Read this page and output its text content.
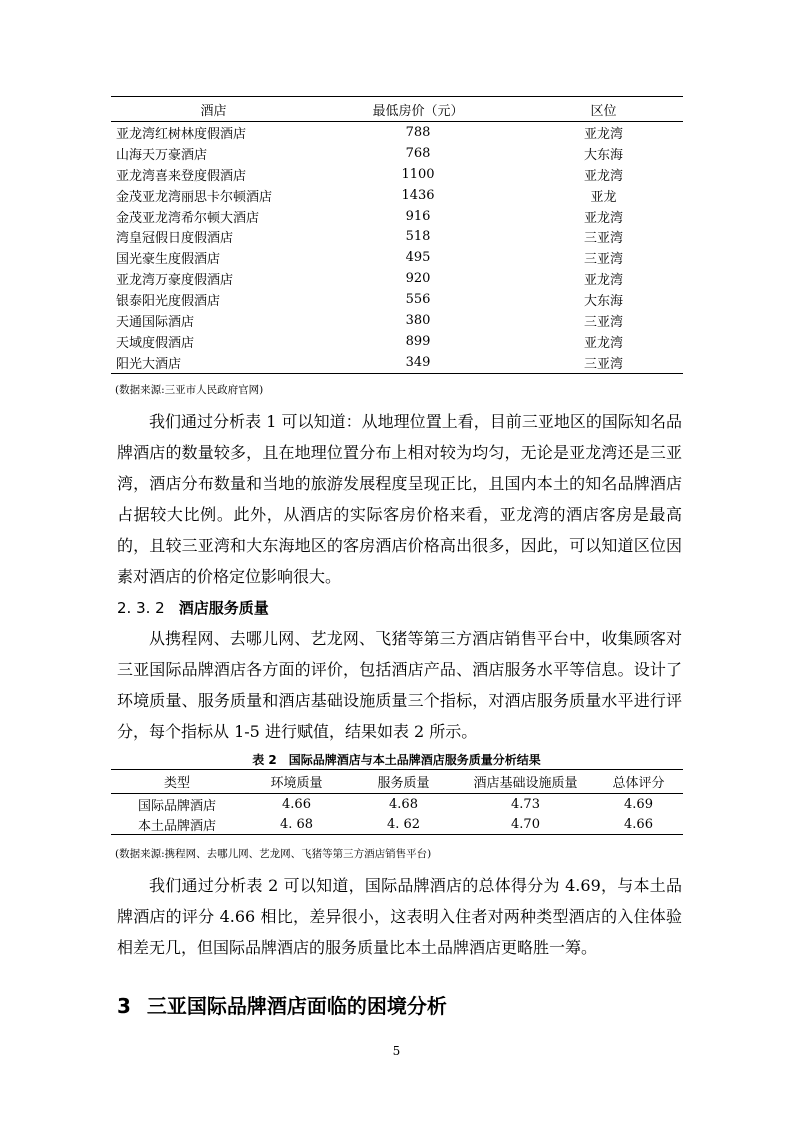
酒店	最低房价（元）	区位
亚龙湾红树林度假酒店	788	亚龙湾
山海天万豪酒店	768	大东海
亚龙湾喜来登度假酒店	1100	亚龙湾
金茂亚龙湾丽思卡尔顿酒店	1436	亚龙
金茂亚龙湾希尔顿大酒店	916	亚龙湾
湾皇冠假日度假酒店	518	三亚湾
国光豪生度假酒店	495	三亚湾
亚龙湾万豪度假酒店	920	亚龙湾
银泰阳光度假酒店	556	大东海
天通国际酒店	380	三亚湾
天域度假酒店	899	亚龙湾
阳光大酒店	349	三亚湾
(数据来源:三亚市人民政府官网)

我们通过分析表 1 可以知道：从地理位置上看，目前三亚地区的国际知名品牌酒店的数量较多，且在地理位置分布上相对较为均匀，无论是亚龙湾还是三亚湾，酒店分布数量和当地的旅游发展程度呈现正比，且国内本土的知名品牌酒店占据较大比例。此外，从酒店的实际客房价格来看，亚龙湾的酒店客房是最高的，且较三亚湾和大东海地区的客房酒店价格高出很多，因此，可以知道区位因素对酒店的价格定位影响很大。

2. 3. 2 酒店服务质量

从携程网、去哪儿网、艺龙网、飞猪等第三方酒店销售平台中，收集顾客对三亚国际品牌酒店各方面的评价，包括酒店产品、酒店服务水平等信息。设计了环境质量、服务质量和酒店基础设施质量三个指标，对酒店服务质量水平进行评分，每个指标从 1-5 进行赋值，结果如表 2 所示。

表 2　国际品牌酒店与本土品牌酒店服务质量分析结果
类型	环境质量	服务质量	酒店基础设施质量	总体评分
国际品牌酒店	4.66	4.68	4.73	4.69
本土品牌酒店	4. 68	4. 62	4.70	4.66
(数据来源:携程网、去哪儿网、艺龙网、飞猪等第三方酒店销售平台)

我们通过分析表 2 可以知道，国际品牌酒店的总体得分为 4.69，与本土品牌酒店的评分 4.66 相比，差异很小，这表明入住者对两种类型酒店的入住体验相差无几，但国际品牌酒店的服务质量比本土品牌酒店更略胜一筹。

3 三亚国际品牌酒店面临的困境分析
5
